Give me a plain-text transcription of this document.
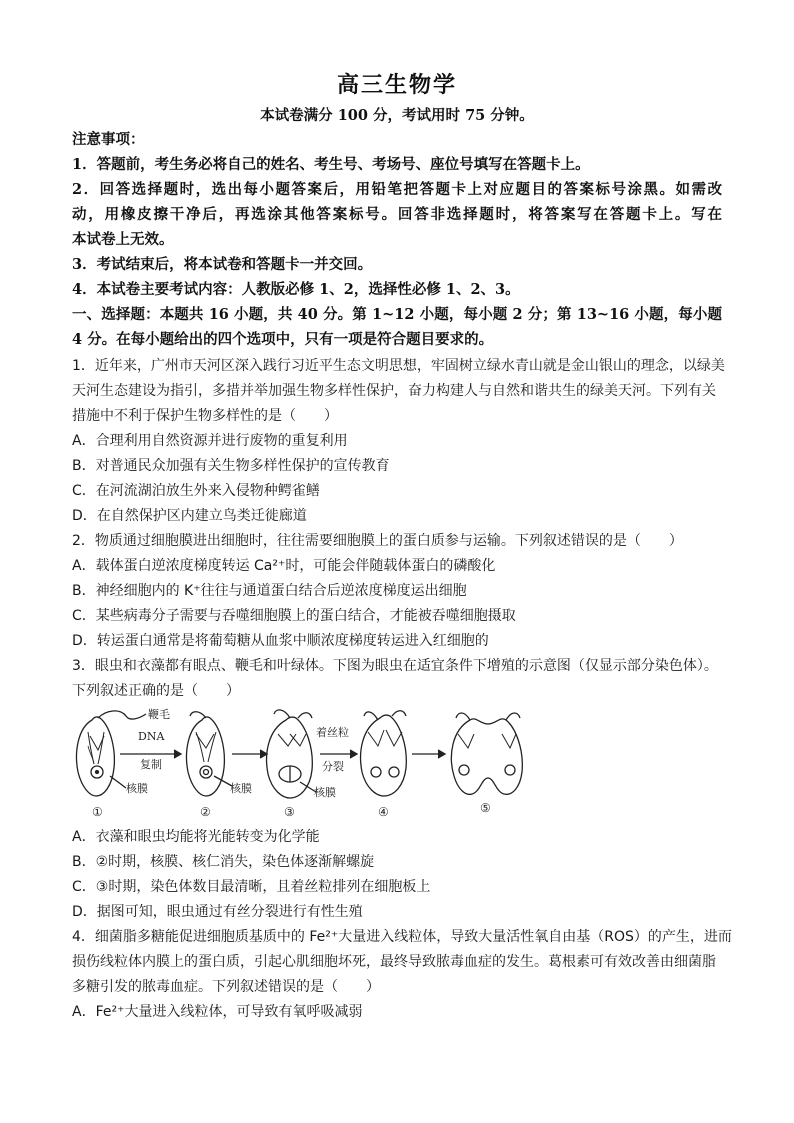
高三生物学
本试卷满分 100 分，考试用时 75 分钟。
注意事项：
1．答题前，考生务必将自己的姓名、考生号、考场号、座位号填写在答题卡上。
2．回答选择题时，选出每小题答案后，用铅笔把答题卡上对应题目的答案标号涂黑。如需改
动，用橡皮擦干净后，再选涂其他答案标号。回答非选择题时，将答案写在答题卡上。写在
本试卷上无效。
3．考试结束后，将本试卷和答题卡一并交回。
4．本试卷主要考试内容：人教版必修 1、2，选择性必修 1、2、3。
一、选择题：本题共 16 小题，共 40 分。第 1~12 小题，每小题 2 分；第 13~16 小题，每小题
4 分。在每小题给出的四个选项中，只有一项是符合题目要求的。
1．近年来，广州市天河区深入践行习近平生态文明思想，牢固树立绿水青山就是金山银山的理念，以绿美
天河生态建设为指引，多措并举加强生物多样性保护，奋力构建人与自然和谐共生的绿美天河。下列有关
措施中不利于保护生物多样性的是（　　）
A．合理利用自然资源并进行废物的重复利用
B．对普通民众加强有关生物多样性保护的宣传教育
C．在河流湖泊放生外来入侵物种鳄雀鳝
D．在自然保护区内建立鸟类迁徙廊道
2．物质通过细胞膜进出细胞时，往往需要细胞膜上的蛋白质参与运输。下列叙述错误的是（　　）
A．载体蛋白逆浓度梯度转运 Ca²⁺时，可能会伴随载体蛋白的磷酸化
B．神经细胞内的 K⁺往往与通道蛋白结合后逆浓度梯度运出细胞
C．某些病毒分子需要与吞噬细胞膜上的蛋白结合，才能被吞噬细胞摄取
D．转运蛋白通常是将葡萄糖从血浆中顺浓度梯度转运进入红细胞的
3．眼虫和衣藻都有眼点、鞭毛和叶绿体。下图为眼虫在适宜条件下增殖的示意图（仅显示部分染色体）。
下列叙述正确的是（　　）
鞭毛
DNA
复制
核膜	核膜
着丝粒
分裂
核膜
①	②	③	④	⑤
A．衣藻和眼虫均能将光能转变为化学能
B．②时期，核膜、核仁消失，染色体逐渐解螺旋
C．③时期，染色体数目最清晰，且着丝粒排列在细胞板上
D．据图可知，眼虫通过有丝分裂进行有性生殖
4．细菌脂多糖能促进细胞质基质中的 Fe²⁺大量进入线粒体，导致大量活性氧自由基（ROS）的产生，进而
损伤线粒体内膜上的蛋白质，引起心肌细胞坏死，最终导致脓毒血症的发生。葛根素可有效改善由细菌脂
多糖引发的脓毒血症。下列叙述错误的是（　　）
A．Fe²⁺大量进入线粒体，可导致有氧呼吸减弱
